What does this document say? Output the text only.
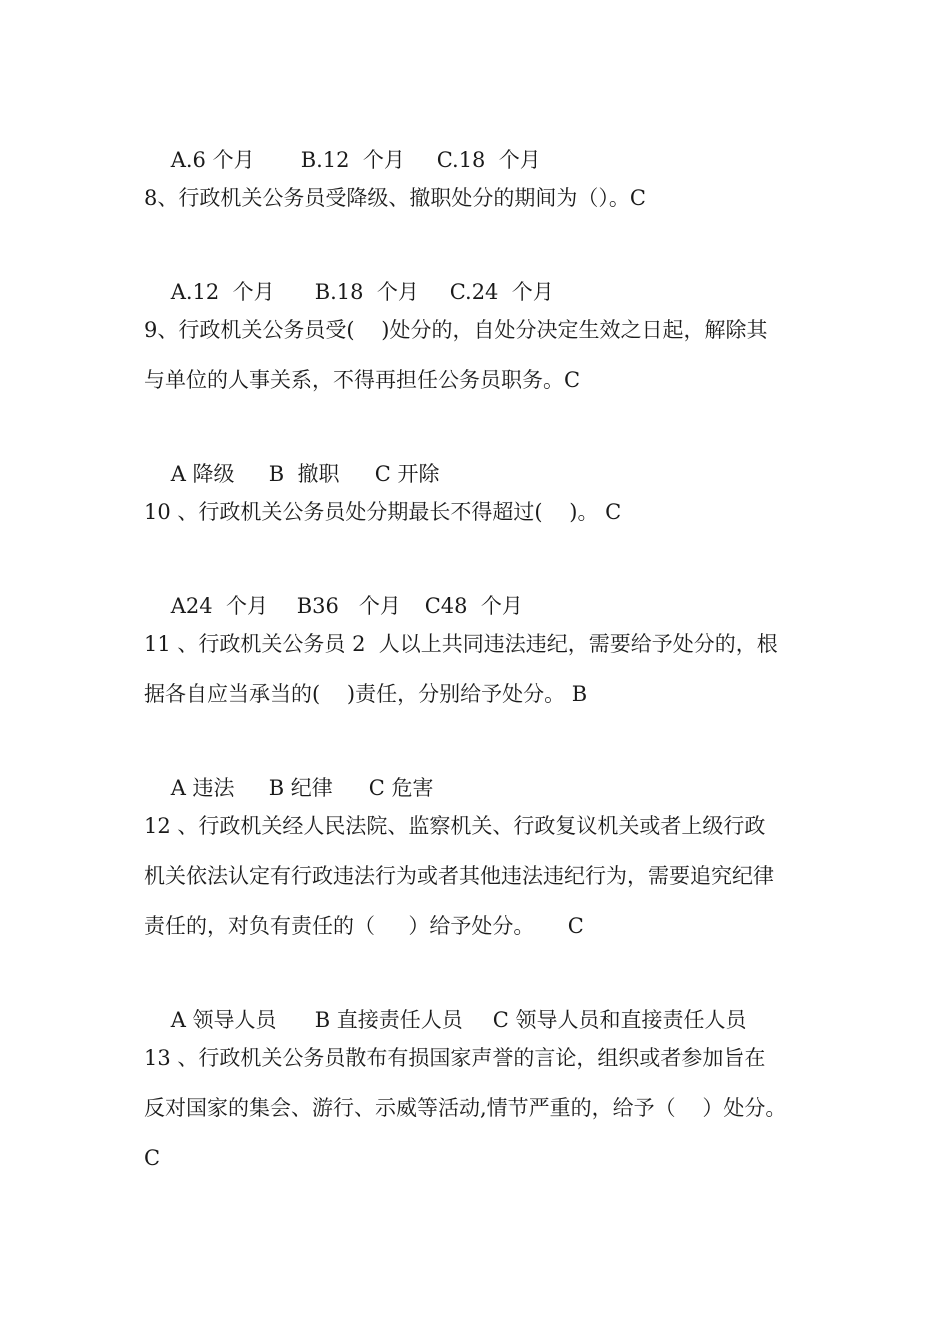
A.6 个月 B.12  个月 C.18  个月

8、行政机关公务员受降级、撤职处分的期间为（）。C

A.12  个月 B.18  个月 C.24  个月

9、行政机关公务员受(    )处分的，自处分决定生效之日起，解除其
与单位的人事关系，不得再担任公务员职务。C

A 降级 B  撤职 C 开除

10 、行政机关公务员处分期最长不得超过(    )。 C

A24  个月 B36   个月 C48  个月

11 、行政机关公务员 2  人以上共同违法违纪，需要给予处分的，根
据各自应当承当的(    )责任，分别给予处分。 B

A 违法 B 纪律 C 危害

12 、行政机关经人民法院、监察机关、行政复议机关或者上级行政
机关依法认定有行政违法行为或者其他违法违纪行为，需要追究纪律
责任的，对负有责任的（     ）给予处分。     C

A 领导人员 B 直接责任人员 C 领导人员和直接责任人员

13 、行政机关公务员散布有损国家声誉的言论，组织或者参加旨在
反对国家的集会、游行、示威等活动,情节严重的，给予（    ）处分。
C
